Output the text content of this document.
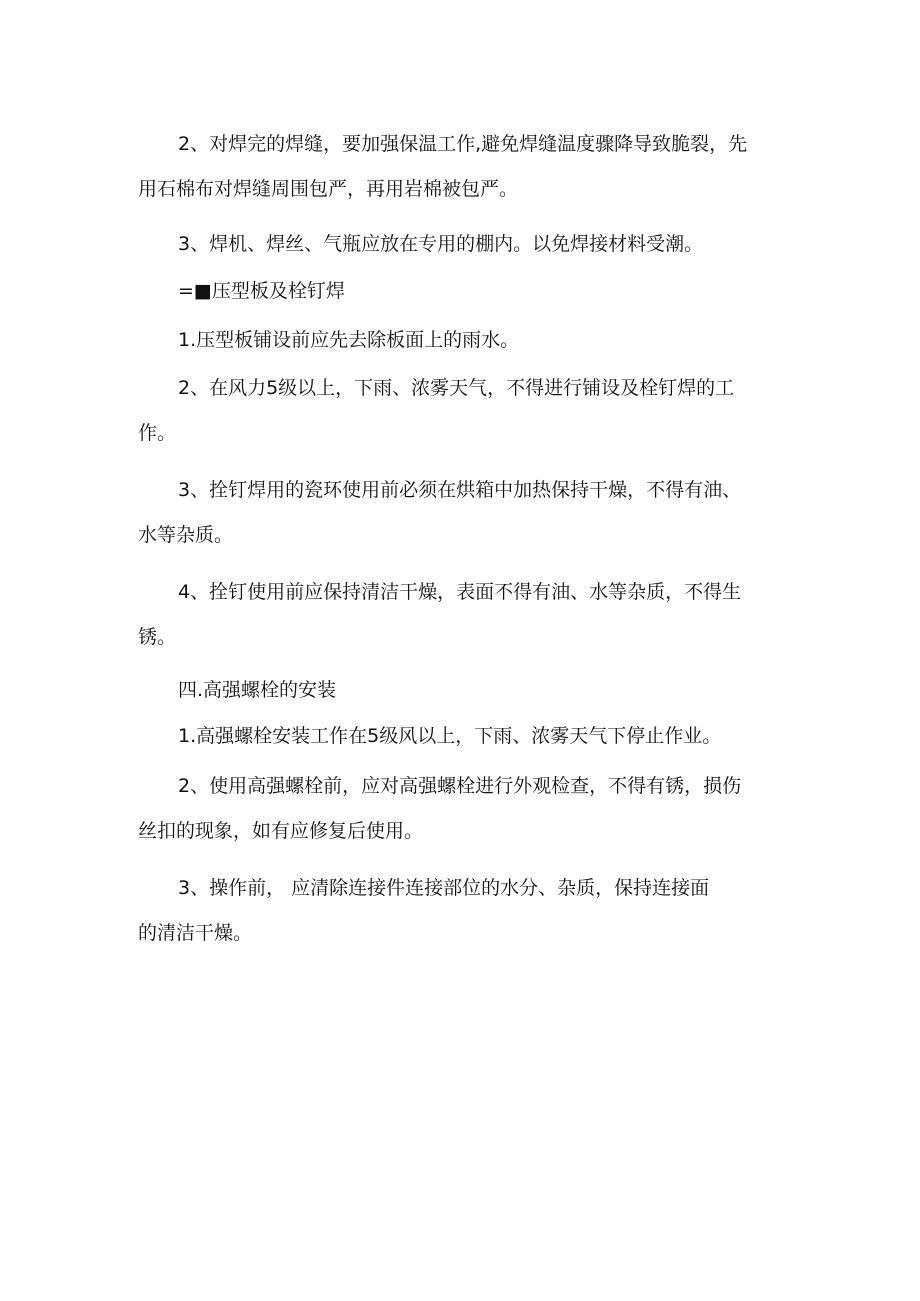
2、对焊完的焊缝，要加强保温工作,避免焊缝温度骤降导致脆裂，先
用石棉布对焊缝周围包严，再用岩棉被包严。

3、焊机、焊丝、气瓶应放在专用的棚内。以免焊接材料受潮。

=■压型板及栓钉焊

1.压型板铺设前应先去除板面上的雨水。

2、在风力5级以上，下雨、浓雾天气，不得进行铺设及栓钉焊的工
作。

3、拴钉焊用的瓷环使用前必须在烘箱中加热保持干燥，不得有油、
水等杂质。

4、拴钉使用前应保持清洁干燥，表面不得有油、水等杂质，不得生
锈。

四.高强螺栓的安装

1.高强螺栓安装工作在5级风以上，下雨、浓雾天气下停止作业。

2、使用高强螺栓前，应对高强螺栓进行外观检查，不得有锈，损伤
丝扣的现象，如有应修复后使用。

3、操作前， 应清除连接件连接部位的水分、杂质，保持连接面
的清洁干燥。
